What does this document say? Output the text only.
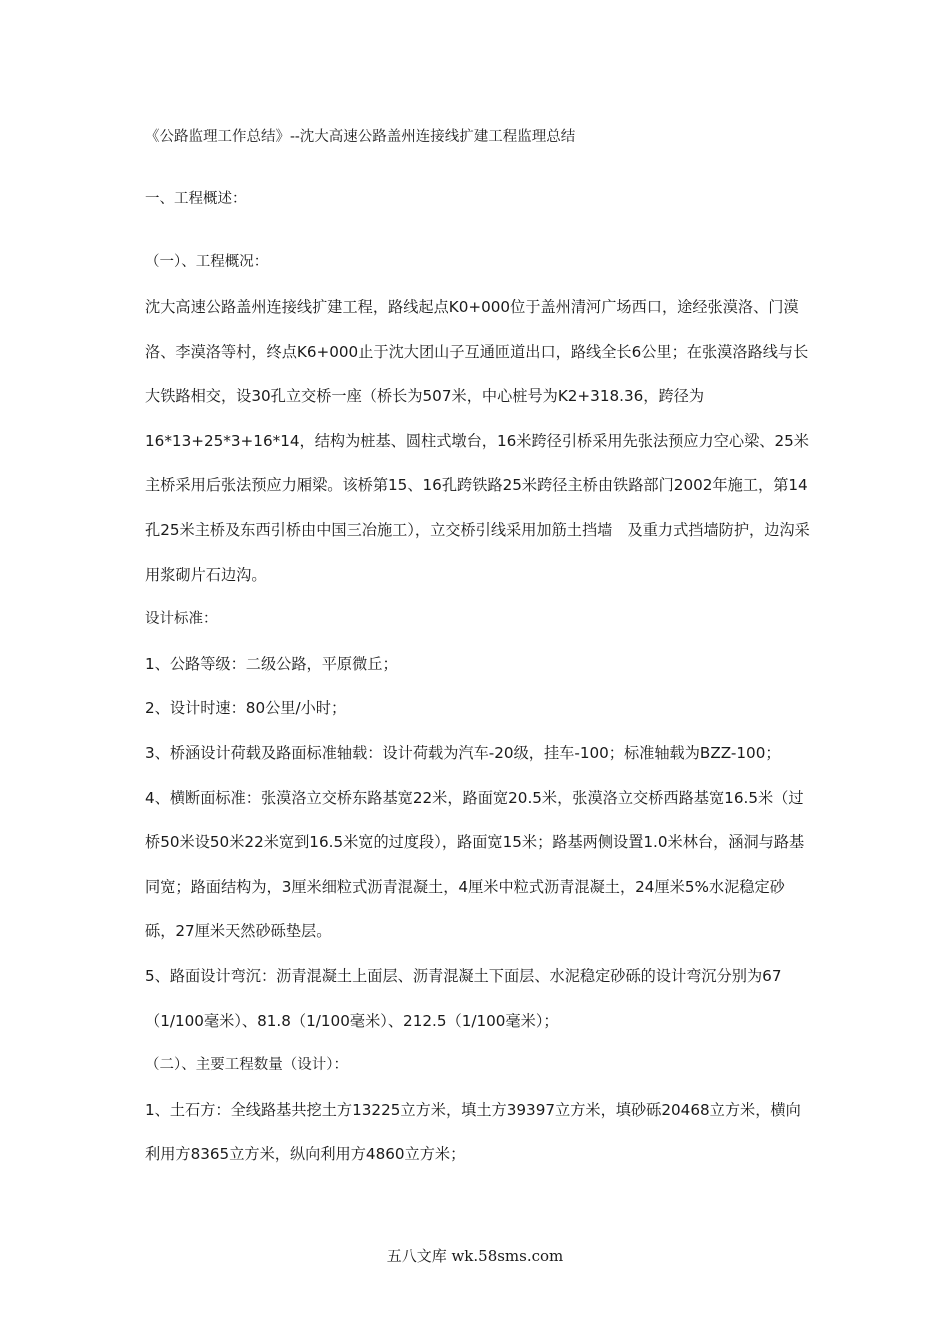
《公路监理工作总结》--沈大高速公路盖州连接线扩建工程监理总结
一、工程概述：
（一）、工程概况：

沈大高速公路盖州连接线扩建工程，路线起点K0+000位于盖州清河广场西口，途经张漠洛、门漠洛、李漠洛等村，终点K6+000止于沈大团山子互通匝道出口，路线全长6公里；在张漠洛路线与长大铁路相交，设30孔立交桥一座（桥长为507米，中心桩号为K2+318.36，跨径为16*13+25*3+16*14，结构为桩基、圆柱式墩台，16米跨径引桥采用先张法预应力空心梁、25米主桥采用后张法预应力厢梁。该桥第15、16孔跨铁路25米跨径主桥由铁路部门2002年施工，第14孔25米主桥及东西引桥由中国三冶施工），立交桥引线采用加筋土挡墙　及重力式挡墙防护，边沟采用浆砌片石边沟。

设计标准：

1、公路等级：二级公路，平原微丘；

2、设计时速：80公里/小时；

3、桥涵设计荷载及路面标准轴载：设计荷载为汽车-20级，挂车-100；标准轴载为BZZ-100；

4、横断面标准：张漠洛立交桥东路基宽22米，路面宽20.5米，张漠洛立交桥西路基宽16.5米（过桥50米设50米22米宽到16.5米宽的过度段），路面宽15米；路基两侧设置1.0米林台，涵洞与路基同宽；路面结构为，3厘米细粒式沥青混凝土，4厘米中粒式沥青混凝土，24厘米5%水泥稳定砂砾，27厘米天然砂砾垫层。

5、路面设计弯沉：沥青混凝土上面层、沥青混凝土下面层、水泥稳定砂砾的设计弯沉分别为67（1/100毫米）、81.8（1/100毫米）、212.5（1/100毫米）；

（二）、主要工程数量（设计）：

1、土石方：全线路基共挖土方13225立方米，填土方39397立方米，填砂砾20468立方米，横向利用方8365立方米，纵向利用方4860立方米；

五八文库 wk.58sms.com
